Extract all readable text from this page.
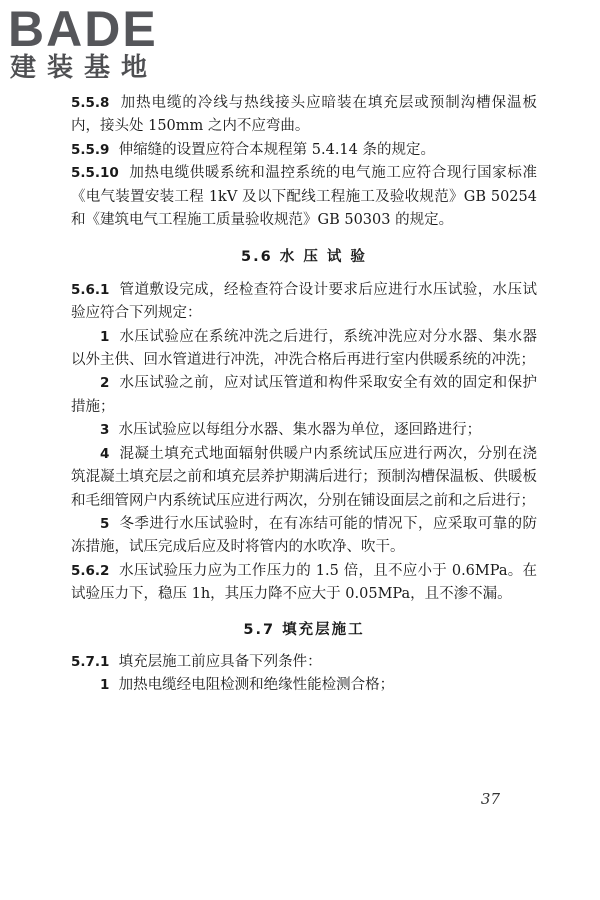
BADE
建装基地

5.5.8 加热电缆的冷线与热线接头应暗装在填充层或预制沟槽保温板内，接头处 150mm 之内不应弯曲。

5.5.9 伸缩缝的设置应符合本规程第 5.4.14 条的规定。

5.5.10 加热电缆供暖系统和温控系统的电气施工应符合现行国家标准《电气装置安装工程 1kV 及以下配线工程施工及验收规范》GB 50254 和《建筑电气工程施工质量验收规范》GB 50303 的规定。

5.6 水 压 试 验

5.6.1 管道敷设完成，经检查符合设计要求后应进行水压试验，水压试验应符合下列规定：

1 水压试验应在系统冲洗之后进行，系统冲洗应对分水器、集水器以外主供、回水管道进行冲洗，冲洗合格后再进行室内供暖系统的冲洗；

2 水压试验之前，应对试压管道和构件采取安全有效的固定和保护措施；

3 水压试验应以每组分水器、集水器为单位，逐回路进行；

4 混凝土填充式地面辐射供暖户内系统试压应进行两次，分别在浇筑混凝土填充层之前和填充层养护期满后进行；预制沟槽保温板、供暖板和毛细管网户内系统试压应进行两次，分别在铺设面层之前和之后进行；

5 冬季进行水压试验时，在有冻结可能的情况下，应采取可靠的防冻措施，试压完成后应及时将管内的水吹净、吹干。

5.6.2 水压试验压力应为工作压力的 1.5 倍，且不应小于 0.6MPa。在试验压力下，稳压 1h，其压力降不应大于 0.05MPa，且不渗不漏。

5.7 填充层施工

5.7.1 填充层施工前应具备下列条件：

1 加热电缆经电阻检测和绝缘性能检测合格；

37
